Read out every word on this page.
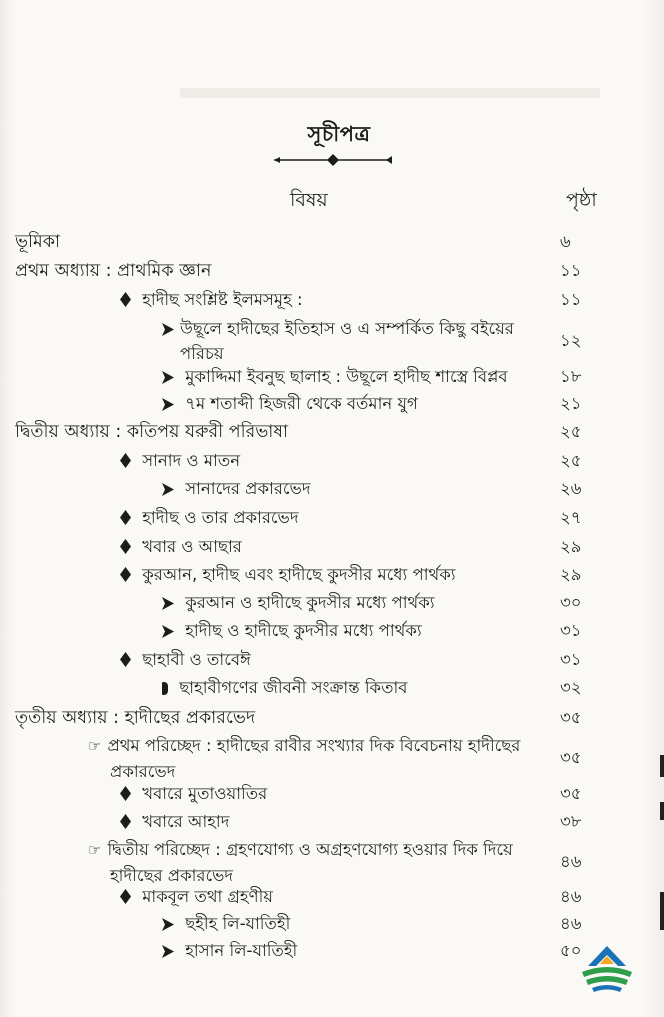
সূচীপত্র
বিষয়	পৃষ্ঠা
ভূমিকা	৬
প্রথম অধ্যায় : প্রাথমিক জ্ঞান	১১
হাদীছ সংশ্লিষ্ট ইলমসমূহ :	১১
উছূলে হাদীছের ইতিহাস ও এ সম্পর্কিত কিছু বইয়ের পরিচয়
১২
মুকাদ্দিমা ইবনুছ ছালাহ : উছূলে হাদীছ শাস্ত্রে বিপ্লব	১৮
৭ম শতাব্দী হিজরী থেকে বর্তমান যুগ	২১
দ্বিতীয় অধ্যায় : কতিপয় যরুরী পরিভাষা	২৫
সানাদ ও মাতন	২৫
সানাদের প্রকারভেদ	২৬
হাদীছ ও তার প্রকারভেদ	২৭
খবার ও আছার	২৯
কুরআন, হাদীছ এবং হাদীছে কুদসীর মধ্যে পার্থক্য	২৯
কুরআন ও হাদীছে কুদসীর মধ্যে পার্থক্য	৩০
হাদীছ ও হাদীছে কুদসীর মধ্যে পার্থক্য	৩১
ছাহাবী ও তাবেঈ	৩১
ছাহাবীগণের জীবনী সংক্রান্ত কিতাব	৩২
তৃতীয় অধ্যায় : হাদীছের প্রকারভেদ	৩৫
☞ প্রথম পরিচ্ছেদ : হাদীছের রাবীর সংখ্যার দিক বিবেচনায় হাদীছের প্রকারভেদ
৩৫
খবারে মুতাওয়াতির	৩৫
খবারে আহাদ	৩৮
☞ দ্বিতীয় পরিচ্ছেদ : গ্রহণযোগ্য ও অগ্রহণযোগ্য হওয়ার দিক দিয়ে হাদীছের প্রকারভেদ
৪৬
মাকবূল তথা গ্রহণীয়	৪৬
ছহীহ লি-যাতিহী	৪৬
হাসান লি-যাতিহী	৫০
